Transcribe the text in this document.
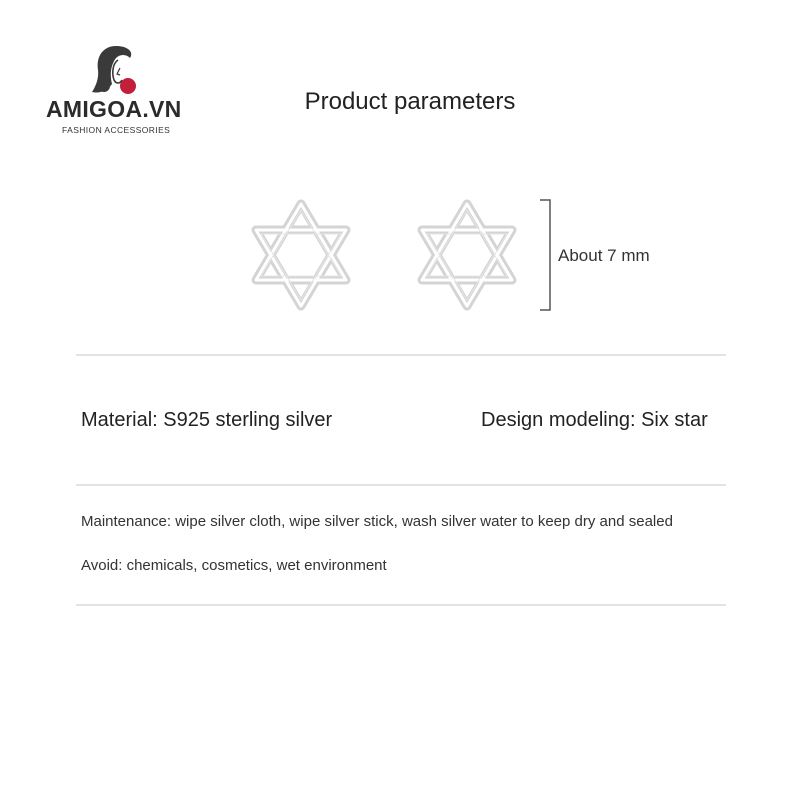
AMIGOA.VN
FASHION ACCESSORIES
Product parameters
About 7 mm
Material: S925 sterling silver	Design modeling: Six star
Maintenance: wipe silver cloth, wipe silver stick, wash silver water to keep dry and sealed
Avoid: chemicals, cosmetics, wet environment
